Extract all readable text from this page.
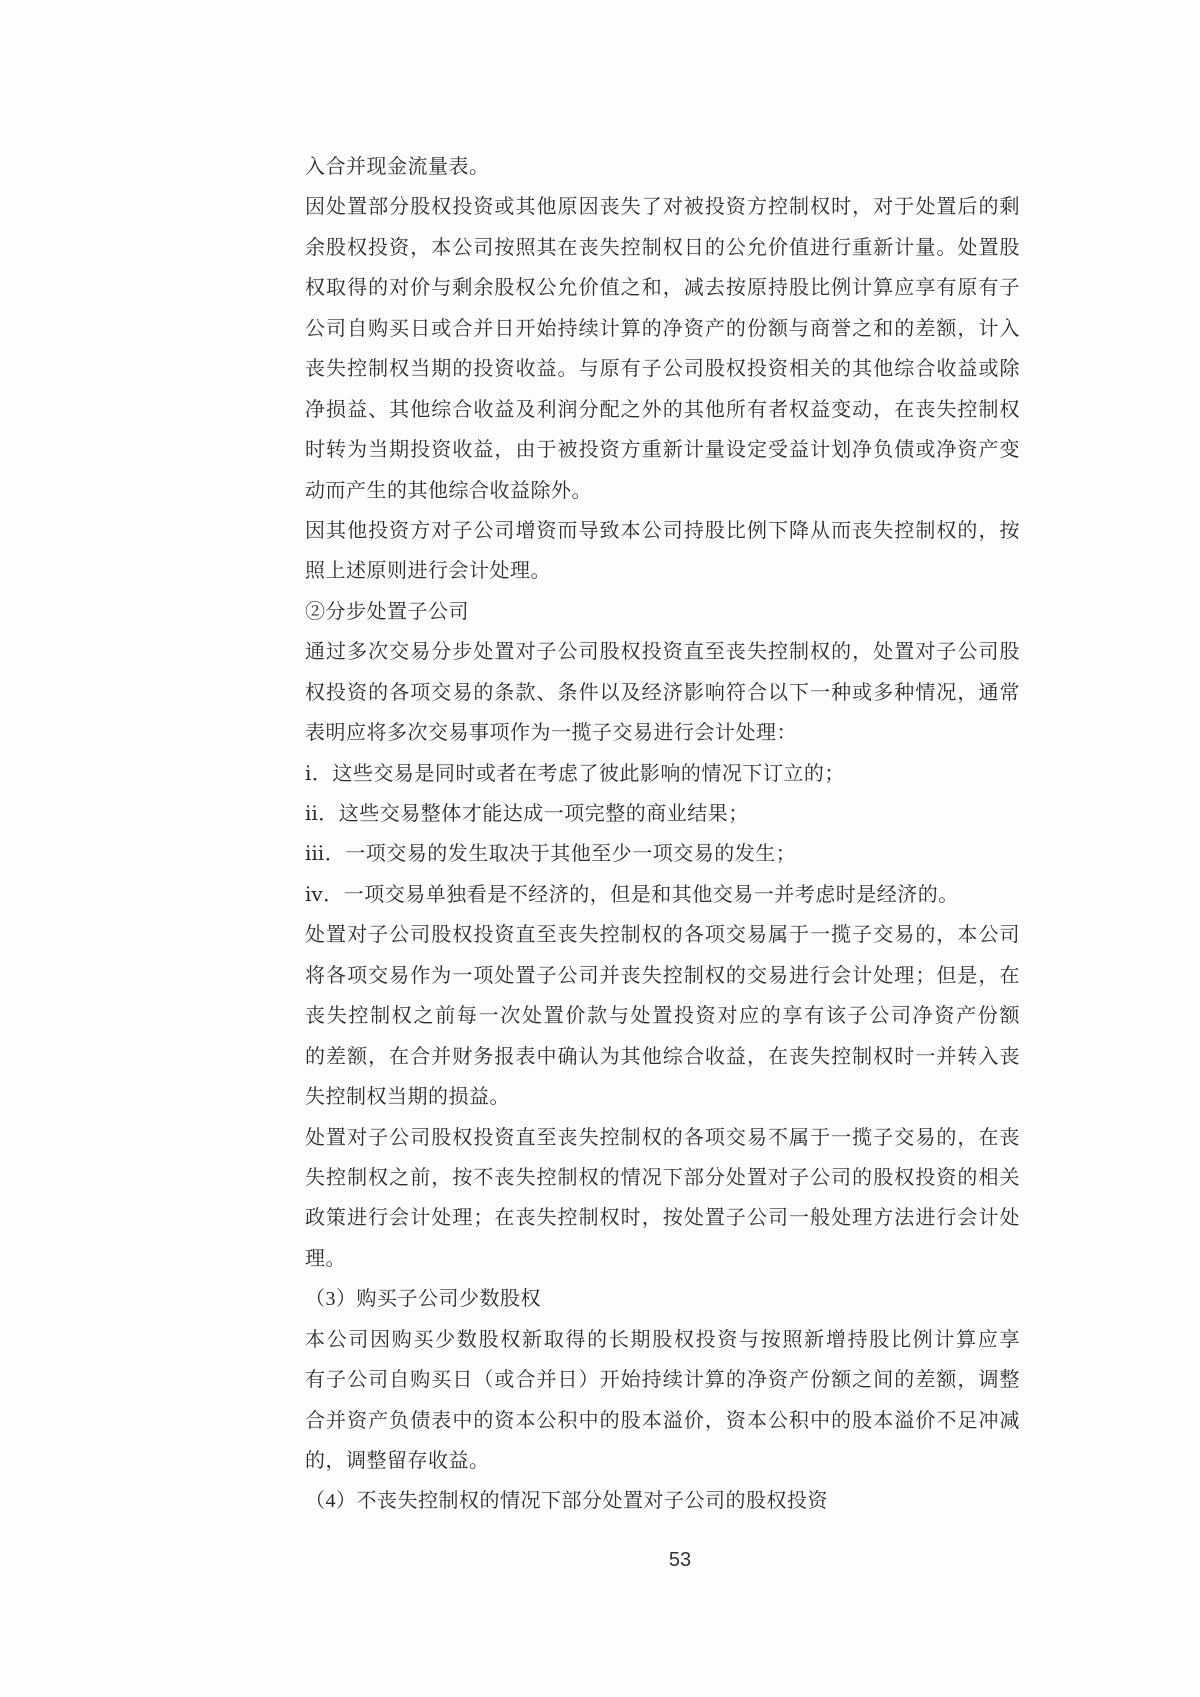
入合并现金流量表。
因处置部分股权投资或其他原因丧失了对被投资方控制权时，对于处置后的剩
余股权投资，本公司按照其在丧失控制权日的公允价值进行重新计量。处置股
权取得的对价与剩余股权公允价值之和，减去按原持股比例计算应享有原有子
公司自购买日或合并日开始持续计算的净资产的份额与商誉之和的差额，计入
丧失控制权当期的投资收益。与原有子公司股权投资相关的其他综合收益或除
净损益、其他综合收益及利润分配之外的其他所有者权益变动，在丧失控制权
时转为当期投资收益，由于被投资方重新计量设定受益计划净负债或净资产变
动而产生的其他综合收益除外。
因其他投资方对子公司增资而导致本公司持股比例下降从而丧失控制权的，按
照上述原则进行会计处理。
②分步处置子公司
通过多次交易分步处置对子公司股权投资直至丧失控制权的，处置对子公司股
权投资的各项交易的条款、条件以及经济影响符合以下一种或多种情况，通常
表明应将多次交易事项作为一揽子交易进行会计处理：
ⅰ．这些交易是同时或者在考虑了彼此影响的情况下订立的；
ⅱ．这些交易整体才能达成一项完整的商业结果；
ⅲ．一项交易的发生取决于其他至少一项交易的发生；
ⅳ．一项交易单独看是不经济的，但是和其他交易一并考虑时是经济的。
处置对子公司股权投资直至丧失控制权的各项交易属于一揽子交易的，本公司
将各项交易作为一项处置子公司并丧失控制权的交易进行会计处理；但是，在
丧失控制权之前每一次处置价款与处置投资对应的享有该子公司净资产份额
的差额，在合并财务报表中确认为其他综合收益，在丧失控制权时一并转入丧
失控制权当期的损益。
处置对子公司股权投资直至丧失控制权的各项交易不属于一揽子交易的，在丧
失控制权之前，按不丧失控制权的情况下部分处置对子公司的股权投资的相关
政策进行会计处理；在丧失控制权时，按处置子公司一般处理方法进行会计处
理。
（3）购买子公司少数股权
本公司因购买少数股权新取得的长期股权投资与按照新增持股比例计算应享
有子公司自购买日（或合并日）开始持续计算的净资产份额之间的差额，调整
合并资产负债表中的资本公积中的股本溢价，资本公积中的股本溢价不足冲减
的，调整留存收益。
（4）不丧失控制权的情况下部分处置对子公司的股权投资
53
